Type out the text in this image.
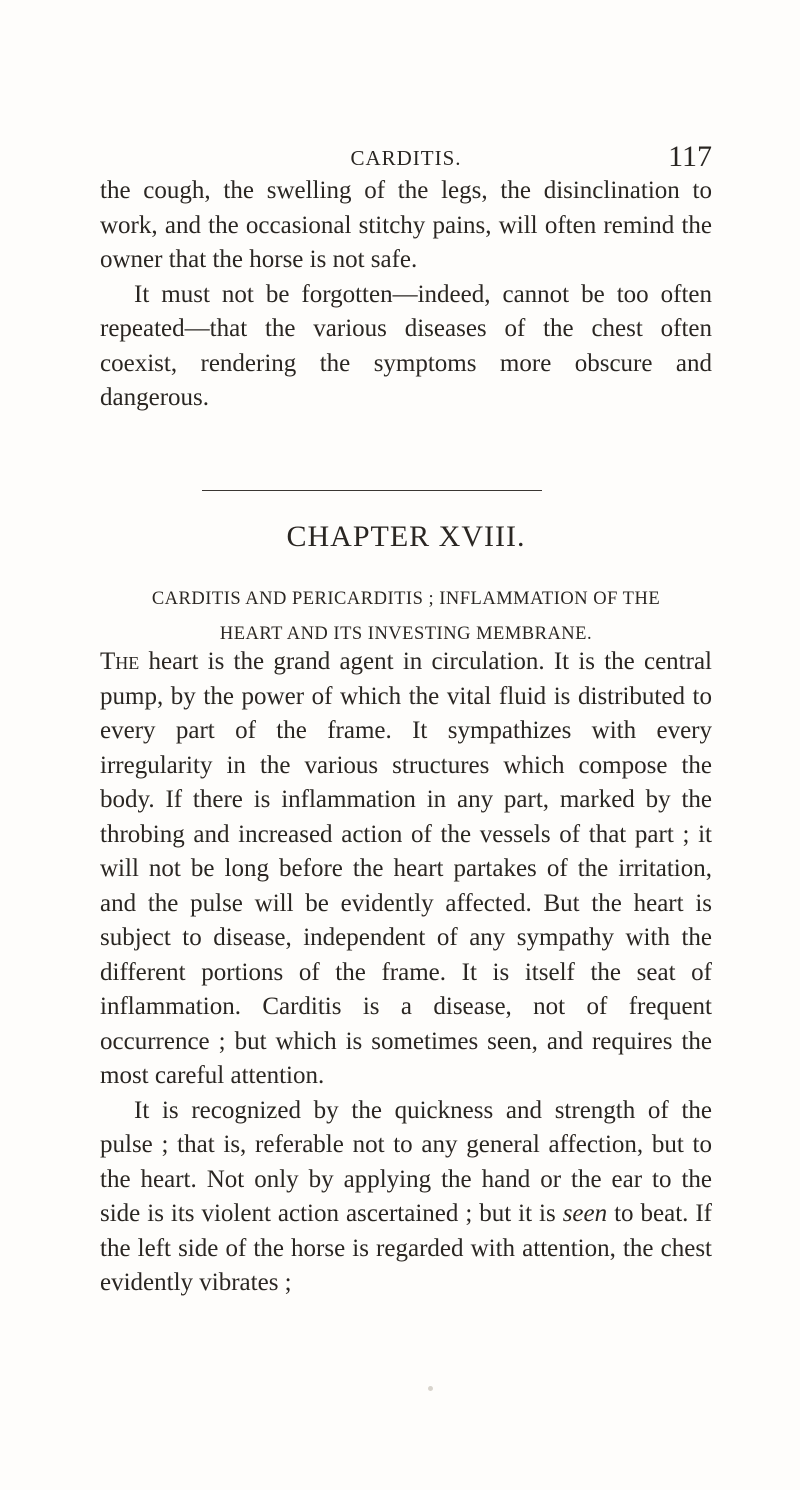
CARDITIS.	117

the cough, the swelling of the legs, the disinclination to work, and the occasional stitchy pains, will often remind the owner that the horse is not safe.

It must not be forgotten—indeed, cannot be too often repeated—that the various diseases of the chest often coexist, rendering the symptoms more obscure and dangerous.

CHAPTER XVIII.
CARDITIS AND PERICARDITIS ; INFLAMMATION OF THE
HEART AND ITS INVESTING MEMBRANE.

The heart is the grand agent in circulation. It is the central pump, by the power of which the vital fluid is distributed to every part of the frame. It sympathizes with every irregularity in the various structures which compose the body. If there is inflammation in any part, marked by the throbing and increased action of the vessels of that part ; it will not be long before the heart partakes of the irritation, and the pulse will be evidently affected. But the heart is subject to disease, independent of any sympathy with the different portions of the frame. It is itself the seat of inflammation. Carditis is a disease, not of frequent occurrence ; but which is sometimes seen, and requires the most careful attention.

It is recognized by the quickness and strength of the pulse ; that is, referable not to any general affection, but to the heart. Not only by applying the hand or the ear to the side is its violent action ascertained ; but it is seen to beat. If the left side of the horse is regarded with attention, the chest evidently vibrates ;
